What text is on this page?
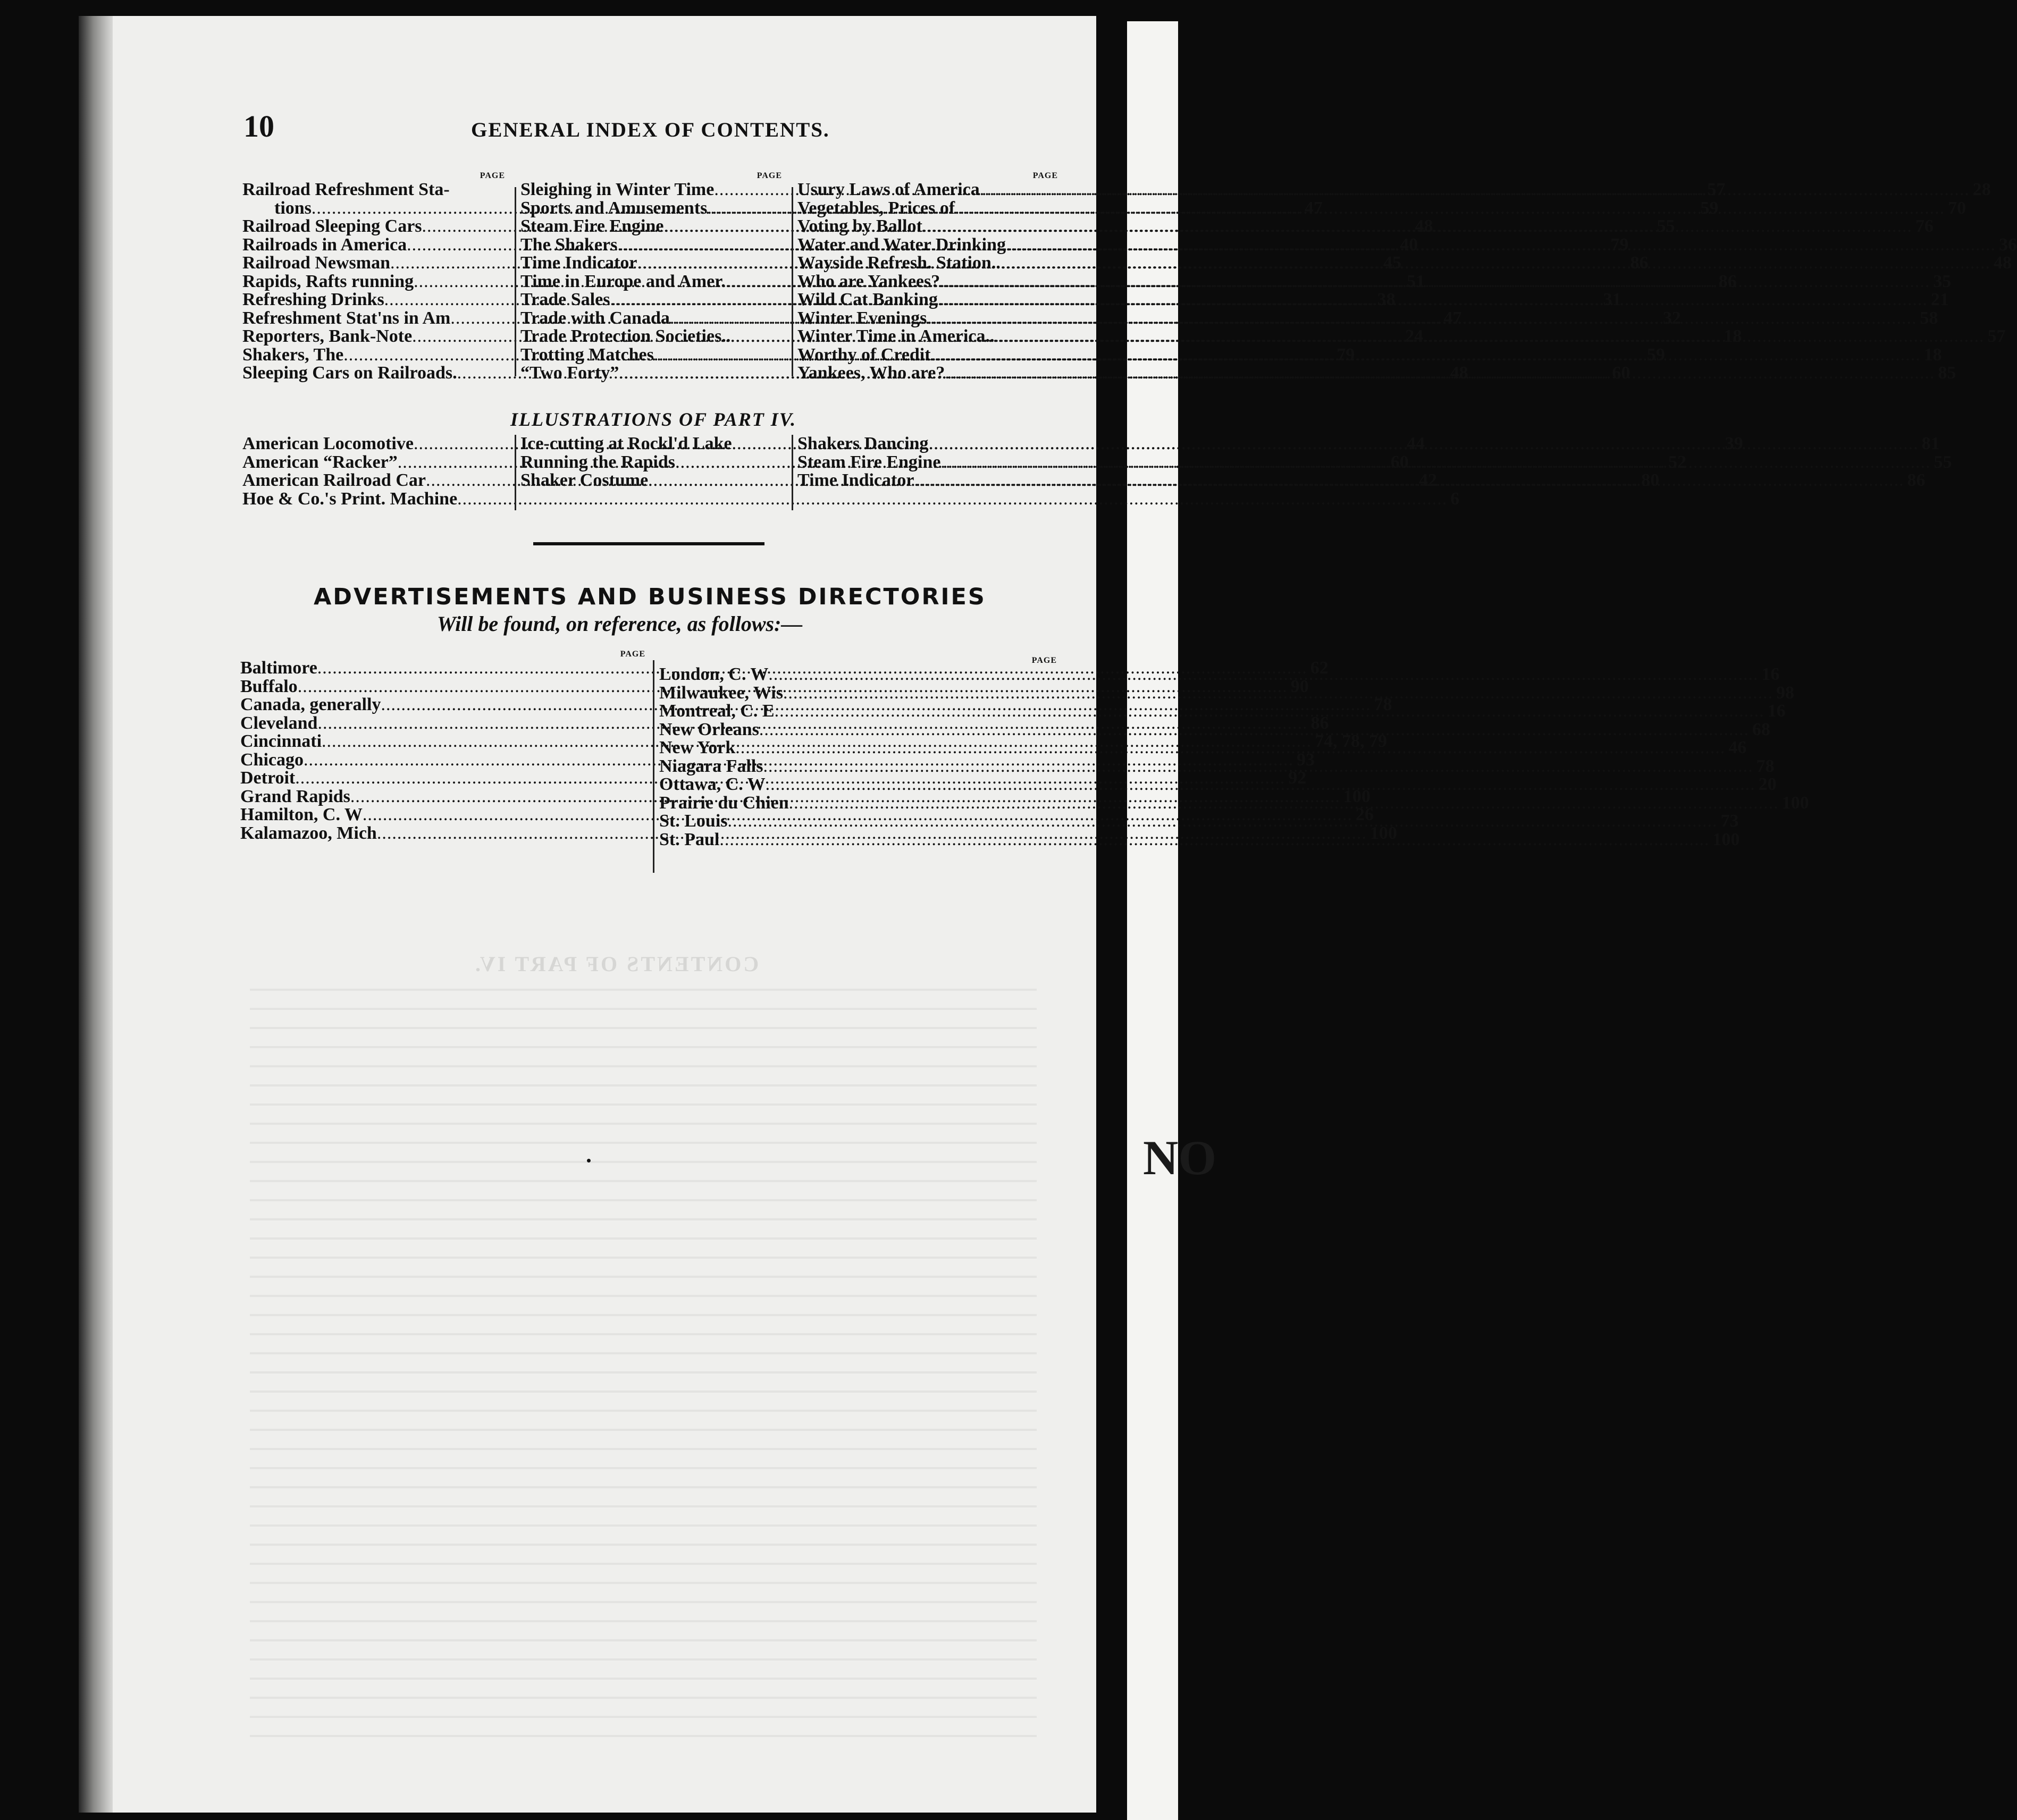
NO
CONTENTS OF PART IV.
10	GENERAL INDEX OF CONTENTS.
PAGE
Railroad Refreshment Sta-
tions .....	47
Railroad Sleeping Cars .....	48
Railroads in America .....	40
Railroad Newsman .....	45
Rapids, Rafts running .....	51
Refreshing Drinks .....	38
Refreshment Stat'ns in Am .....	47
Reporters, Bank-Note .....	24
Shakers, The .....	79
Sleeping Cars on Railroads. .....	48
PAGE
Sleighing in Winter Time .....	57
Sports and Amusements .....	59
Steam Fire Engine .....	55
The Shakers .....	79
Time Indicator .....	86
Time in Europe and Amer. .....	86
Trade Sales .....	31
Trade with Canada .....	32
Trade Protection Societies.. .....	18
Trotting Matches .....	59
“Two Forty” .....	60
PAGE
Usury Laws of America .....	28
Vegetables, Prices of .....	70
Voting by Ballot .....	76
Water and Water Drinking .....	36
Wayside Refresh. Station.. .....	48
Who are Yankees? .....	35
Wild Cat Banking .....	21
Winter Evenings .....	58
Winter Time in America.. .....	57
Worthy of Credit .....	18
Yankees, Who are? .....	85
ILLUSTRATIONS OF PART IV.
American Locomotive .....	44
American “Racker” .....	60
American Railroad Car .....	42
Hoe & Co.'s Print. Machine .....	6
Ice-cutting at Rockl'd Lake .....	39
Running the Rapids .....	52
Shaker Costume .....	80
Shakers Dancing .....	81
Steam Fire Engine .....	55
Time Indicator .....	86
ADVERTISEMENTS AND BUSINESS DIRECTORIES
Will be found, on reference, as follows:—
PAGE
Baltimore .....	62
Buffalo .....	90
Canada, generally .....	78
Cleveland .....	86
Cincinnati .....	74, 78, 79
Chicago .....	93
Detroit .....	92
Grand Rapids .....	100
Hamilton, C. W .....	26
Kalamazoo, Mich .....	100
PAGE
London, C. W .....	16
Milwaukee, Wis .....	98
Montreal, C. E .....	16
New Orleans .....	68
New York .....	46
Niagara Falls .....	78
Ottawa, C. W .....	20
Prairie du Chien .....	100
St. Louis .....	73
St. Paul .....	100
